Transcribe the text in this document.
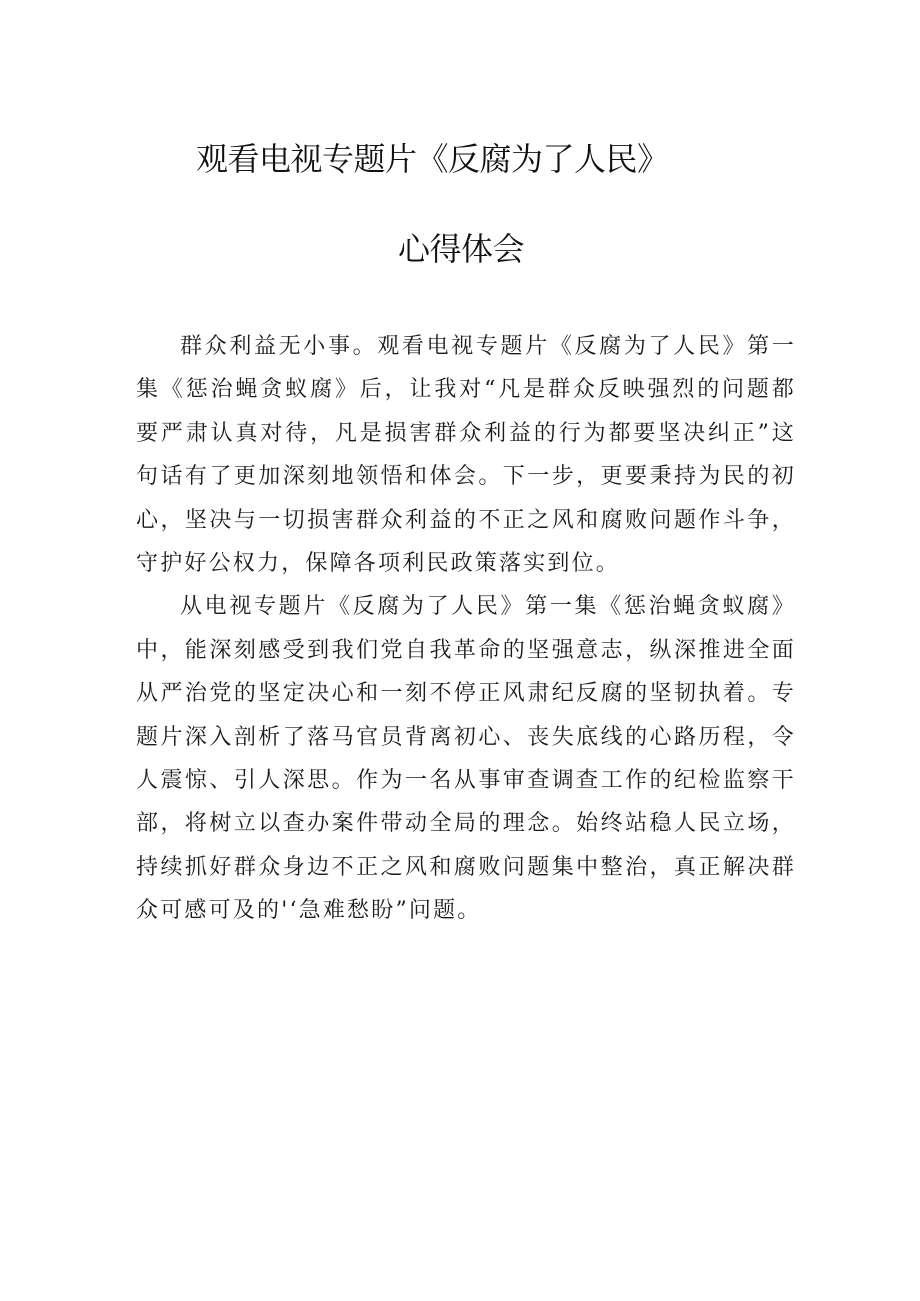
观看电视专题片《反腐为了人民》
心得体会

群众利益无小事。观看电视专题片《反腐为了人民》第一集《惩治蝇贪蚁腐》后，让我对“凡是群众反映强烈的问题都要严肃认真对待，凡是损害群众利益的行为都要坚决纠正”这句话有了更加深刻地领悟和体会。下一步，更要秉持为民的初心，坚决与一切损害群众利益的不正之风和腐败问题作斗争，守护好公权力，保障各项利民政策落实到位。

从电视专题片《反腐为了人民》第一集《惩治蝇贪蚁腐》中，能深刻感受到我们党自我革命的坚强意志，纵深推进全面从严治党的坚定决心和一刻不停正风肃纪反腐的坚韧执着。专题片深入剖析了落马官员背离初心、丧失底线的心路历程，令人震惊、引人深思。作为一名从事审查调查工作的纪检监察干部，将树立以查办案件带动全局的理念。始终站稳人民立场，持续抓好群众身边不正之风和腐败问题集中整治，真正解决群众可感可及的'‘急难愁盼”问题。
